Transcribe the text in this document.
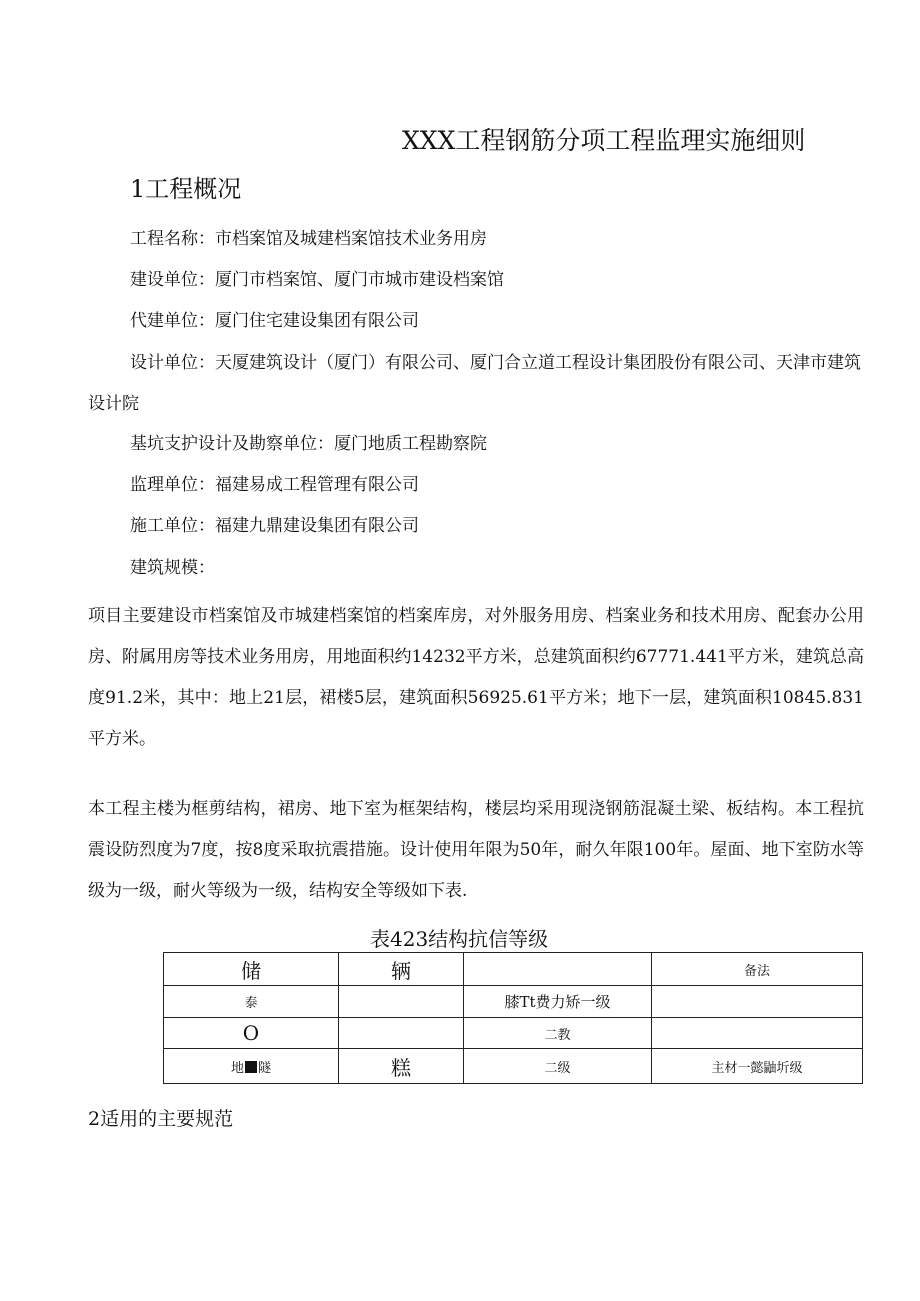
XXX工程钢筋分项工程监理实施细则
1工程概况
工程名称：市档案馆及城建档案馆技术业务用房
建设单位：厦门市档案馆、厦门市城市建设档案馆
代建单位：厦门住宅建设集团有限公司
设计单位：天厦建筑设计（厦门）有限公司、厦门合立道工程设计集团股份有限公司、天津市建筑设计院
基坑支护设计及勘察单位：厦门地质工程勘察院
监理单位：福建易成工程管理有限公司
施工单位：福建九鼎建设集团有限公司
建筑规模：
项目主要建设市档案馆及市城建档案馆的档案库房，对外服务用房、档案业务和技术用房、配套办公用房、附属用房等技术业务用房，用地面积约14232平方米，总建筑面积约67771.441平方米，建筑总高度91.2米，其中：地上21层，裙楼5层，建筑面积56925.61平方米；地下一层，建筑面积10845.831平方米。
本工程主楼为框剪结构，裙房、地下室为框架结构，楼层均采用现浇钢筋混凝土梁、板结构。本工程抗震设防烈度为7度，按8度采取抗震措施。设计使用年限为50年，耐久年限100年。屋面、地下室防水等级为一级，耐火等级为一级，结构安全等级如下表.
表423结构抗信等级
储	辆		备法
泰		膝Tt费力矫一级	
O		二教	
地 隧	糕	二级	主材一懿鼬圻级
2适用的主要规范
